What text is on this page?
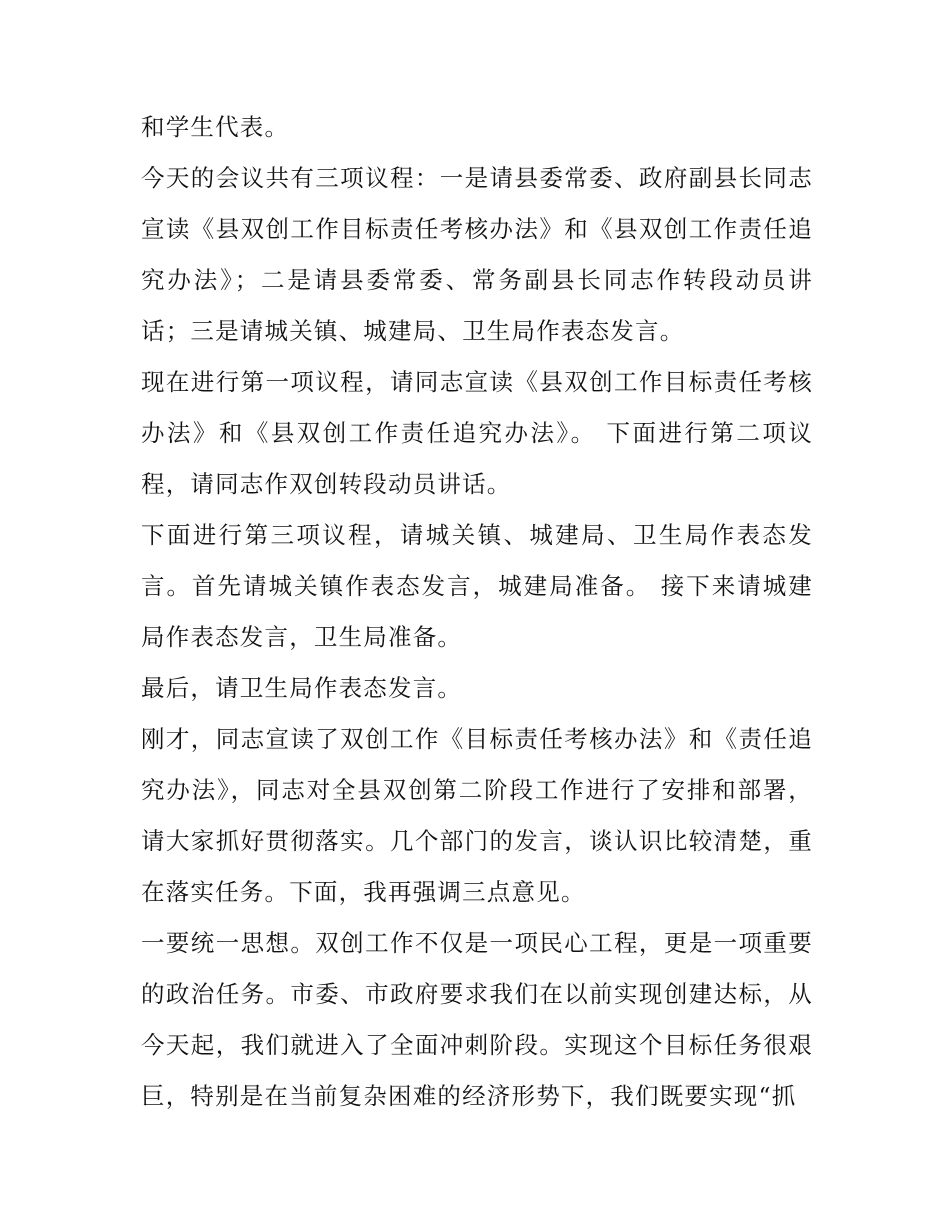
和学生代表。

今天的会议共有三项议程：一是请县委常委、政府副县长同志宣读《县双创工作目标责任考核办法》和《县双创工作责任追究办法》；二是请县委常委、常务副县长同志作转段动员讲话；三是请城关镇、城建局、卫生局作表态发言。

现在进行第一项议程，请同志宣读《县双创工作目标责任考核办法》和《县双创工作责任追究办法》。 下面进行第二项议程，请同志作双创转段动员讲话。

下面进行第三项议程，请城关镇、城建局、卫生局作表态发言。首先请城关镇作表态发言，城建局准备。 接下来请城建局作表态发言，卫生局准备。

最后，请卫生局作表态发言。

刚才，同志宣读了双创工作《目标责任考核办法》和《责任追究办法》，同志对全县双创第二阶段工作进行了安排和部署，请大家抓好贯彻落实。几个部门的发言，谈认识比较清楚，重在落实任务。下面，我再强调三点意见。

一要统一思想。双创工作不仅是一项民心工程，更是一项重要的政治任务。市委、市政府要求我们在以前实现创建达标，从今天起，我们就进入了全面冲刺阶段。实现这个目标任务很艰巨，特别是在当前复杂困难的经济形势下，我们既要实现“抓
